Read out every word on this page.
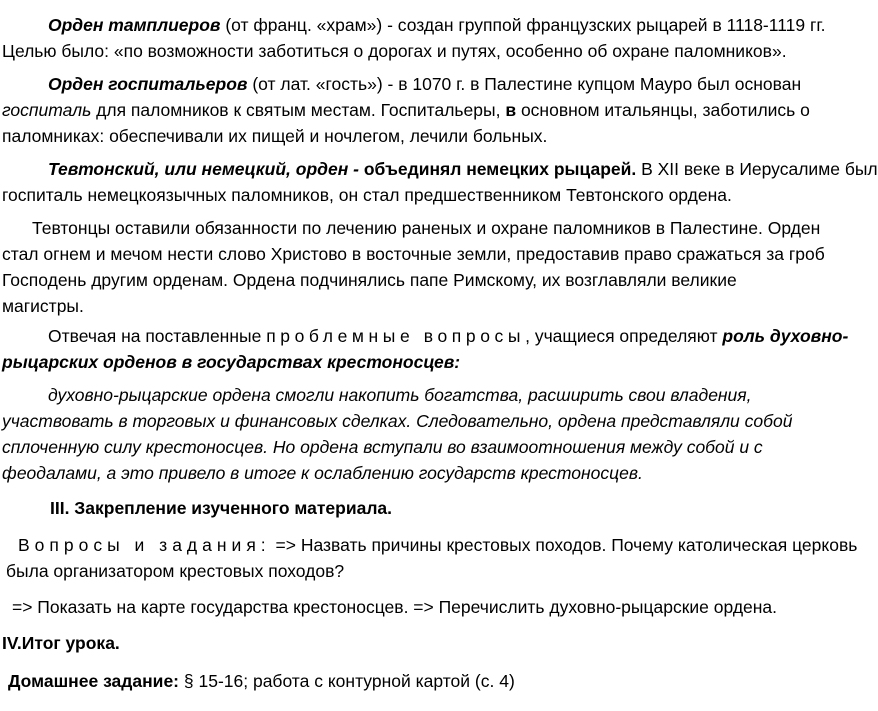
Орден тамплиеров (от франц. «храм») - создан группой французских рыцарей в 1118-1119 гг.
Целью было: «по возможности заботиться о дорогах и путях, особенно об охране паломников».
Орден госпитальеров (от лат. «гость») - в 1070 г. в Палестине купцом Мауро был основан
госпиталь для паломников к святым местам. Госпитальеры, в основном итальянцы, заботились о
паломниках: обеспечивали их пищей и ночлегом, лечили больных.
Тевтонский, или немецкий, орден - объединял немецких рыцарей. В XII веке в Иерусалиме был
госпиталь немецкоязычных паломников, он стал предшественником Тевтонского ордена.
Тевтонцы оставили обязанности по лечению раненых и охране паломников в Палестине. Орден
стал огнем и мечом нести слово Христово в восточные земли, предоставив право сражаться за гроб
Господень другим орденам. Ордена подчинялись папе Римскому, их возглавляли великие
магистры.
Отвечая на поставленные проблемные вопросы, учащиеся определяют роль духовно-
рыцарских орденов в государствах крестоносцев:
духовно-рыцарские ордена смогли накопить богатства, расширить свои владения,
участвовать в торговых и финансовых сделках. Следовательно, ордена представляли собой
сплоченную силу крестоносцев. Но ордена вступали во взаимоотношения между собой и с
феодалами, а это привело в итоге к ослаблению государств крестоносцев.
III. Закрепление изученного материала.
Вопросы и задания: => Назвать причины крестовых походов. Почему католическая церковь
была организатором крестовых походов?
=> Показать на карте государства крестоносцев. => Перечислить духовно-рыцарские ордена.
IV.Итог урока.
Домашнее задание: § 15-16; работа с контурной картой (с. 4)
